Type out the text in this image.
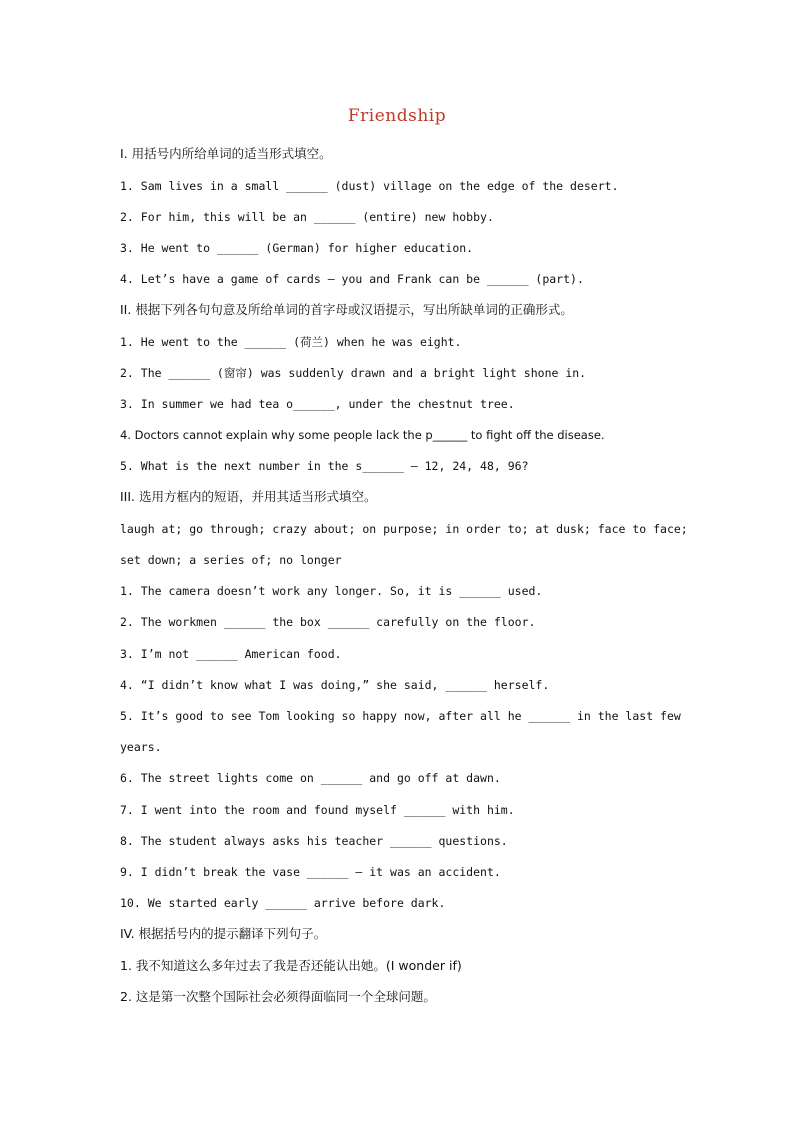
Friendship
I. 用括号内所给单词的适当形式填空。
1. Sam lives in a small ______ (dust) village on the edge of the desert.
2. For him, this will be an ______ (entire) new hobby.
3. He went to ______ (German) for higher education.
4. Let’s have a game of cards — you and Frank can be ______ (part).
II. 根据下列各句句意及所给单词的首字母或汉语提示，写出所缺单词的正确形式。
1. He went to the ______ (荷兰) when he was eight.
2. The ______ (窗帘) was suddenly drawn and a bright light shone in.
3. In summer we had tea o______, under the chestnut tree.
4. Doctors cannot explain why some people lack the p______ to fight off the disease.
5. What is the next number in the s______ — 12, 24, 48, 96?
III. 选用方框内的短语，并用其适当形式填空。
laugh at; go through; crazy about; on purpose; in order to; at dusk; face to face;
set down; a series of; no longer
1. The camera doesn’t work any longer. So, it is ______ used.
2. The workmen ______ the box ______ carefully on the floor.
3. I’m not ______ American food.
4. “I didn’t know what I was doing,” she said, ______ herself.
5. It’s good to see Tom looking so happy now, after all he ______ in the last few
years.
6. The street lights come on ______ and go off at dawn.
7. I went into the room and found myself ______ with him.
8. The student always asks his teacher ______ questions.
9. I didn’t break the vase ______ — it was an accident.
10. We started early ______ arrive before dark.
IV. 根据括号内的提示翻译下列句子。
1. 我不知道这么多年过去了我是否还能认出她。(I wonder if)
2. 这是第一次整个国际社会必须得面临同一个全球问题。
